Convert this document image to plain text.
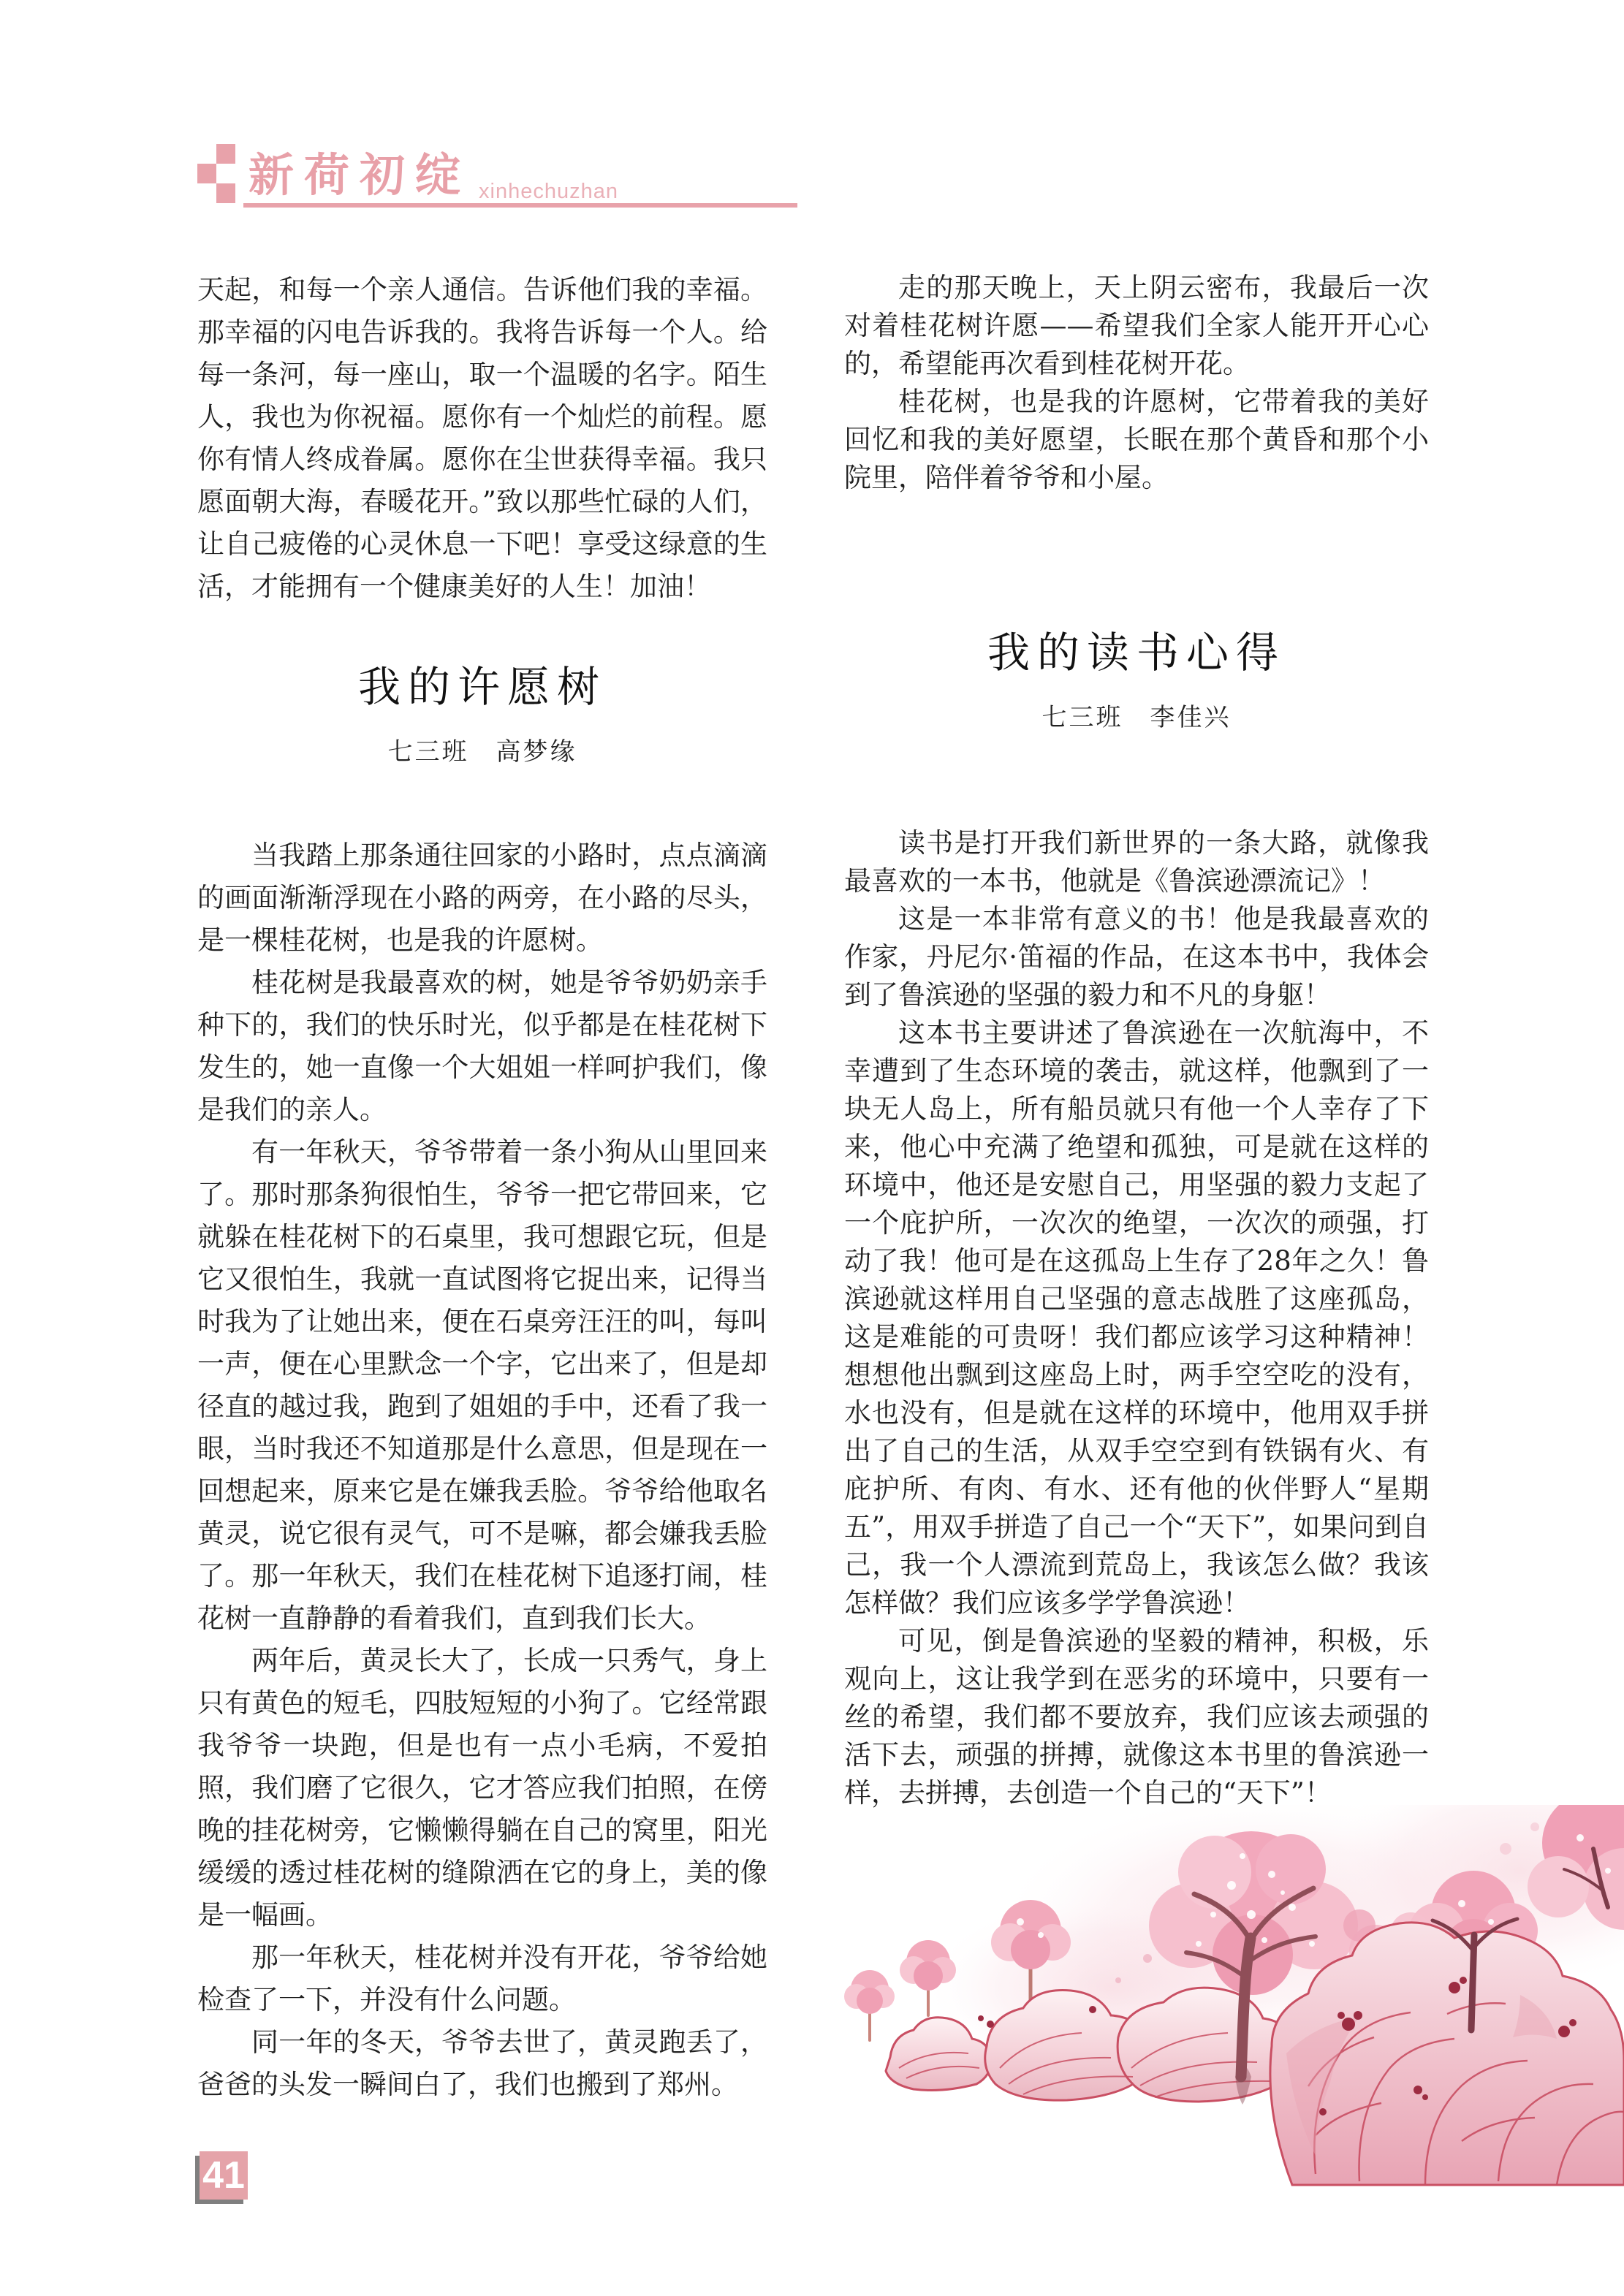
新荷初绽 xinhechuzhan

天起，和每一个亲人通信。告诉他们我的幸福。那幸福的闪电告诉我的。我将告诉每一个人。给每一条河，每一座山，取一个温暖的名字。陌生人，我也为你祝福。愿你有一个灿烂的前程。愿你有情人终成眷属。愿你在尘世获得幸福。我只愿面朝大海，春暖花开。”致以那些忙碌的人们，让自己疲倦的心灵休息一下吧！享受这绿意的生活，才能拥有一个健康美好的人生！加油！

我的许愿树
七三班　高梦缘

当我踏上那条通往回家的小路时，点点滴滴的画面渐渐浮现在小路的两旁，在小路的尽头，是一棵桂花树，也是我的许愿树。

桂花树是我最喜欢的树，她是爷爷奶奶亲手种下的，我们的快乐时光，似乎都是在桂花树下发生的，她一直像一个大姐姐一样呵护我们，像是我们的亲人。

有一年秋天，爷爷带着一条小狗从山里回来了。那时那条狗很怕生，爷爷一把它带回来，它就躲在桂花树下的石桌里，我可想跟它玩，但是它又很怕生，我就一直试图将它捉出来，记得当时我为了让她出来，便在石桌旁汪汪的叫，每叫一声，便在心里默念一个字，它出来了，但是却径直的越过我，跑到了姐姐的手中，还看了我一眼，当时我还不知道那是什么意思，但是现在一回想起来，原来它是在嫌我丢脸。爷爷给他取名黄灵，说它很有灵气，可不是嘛，都会嫌我丢脸了。那一年秋天，我们在桂花树下追逐打闹，桂花树一直静静的看着我们，直到我们长大。

两年后，黄灵长大了，长成一只秀气，身上只有黄色的短毛，四肢短短的小狗了。它经常跟我爷爷一块跑，但是也有一点小毛病，不爱拍照，我们磨了它很久，它才答应我们拍照，在傍晚的挂花树旁，它懒懒得躺在自己的窝里，阳光缓缓的透过桂花树的缝隙洒在它的身上，美的像是一幅画。

那一年秋天，桂花树并没有开花，爷爷给她检查了一下，并没有什么问题。

同一年的冬天，爷爷去世了，黄灵跑丢了，爸爸的头发一瞬间白了，我们也搬到了郑州。

走的那天晚上，天上阴云密布，我最后一次对着桂花树许愿——希望我们全家人能开开心心的，希望能再次看到桂花树开花。

桂花树，也是我的许愿树，它带着我的美好回忆和我的美好愿望，长眠在那个黄昏和那个小院里，陪伴着爷爷和小屋。

我的读书心得
七三班　李佳兴

读书是打开我们新世界的一条大路，就像我最喜欢的一本书，他就是《鲁滨逊漂流记》！

这是一本非常有意义的书！他是我最喜欢的作家，丹尼尔·笛福的作品，在这本书中，我体会到了鲁滨逊的坚强的毅力和不凡的身躯！

这本书主要讲述了鲁滨逊在一次航海中，不幸遭到了生态环境的袭击，就这样，他飘到了一块无人岛上，所有船员就只有他一个人幸存了下来，他心中充满了绝望和孤独，可是就在这样的环境中，他还是安慰自己，用坚强的毅力支起了一个庇护所，一次次的绝望，一次次的顽强，打动了我！他可是在这孤岛上生存了28年之久！鲁滨逊就这样用自己坚强的意志战胜了这座孤岛，这是难能的可贵呀！我们都应该学习这种精神！想想他出飘到这座岛上时，两手空空吃的没有，水也没有，但是就在这样的环境中，他用双手拼出了自己的生活，从双手空空到有铁锅有火、有庇护所、有肉、有水、还有他的伙伴野人“星期五”，用双手拼造了自己一个“天下”，如果问到自己，我一个人漂流到荒岛上，我该怎么做？我该怎样做？我们应该多学学鲁滨逊！

可见，倒是鲁滨逊的坚毅的精神，积极，乐观向上，这让我学到在恶劣的环境中，只要有一丝的希望，我们都不要放弃，我们应该去顽强的活下去，顽强的拼搏，就像这本书里的鲁滨逊一样，去拼搏，去创造一个自己的“天下”！

41
